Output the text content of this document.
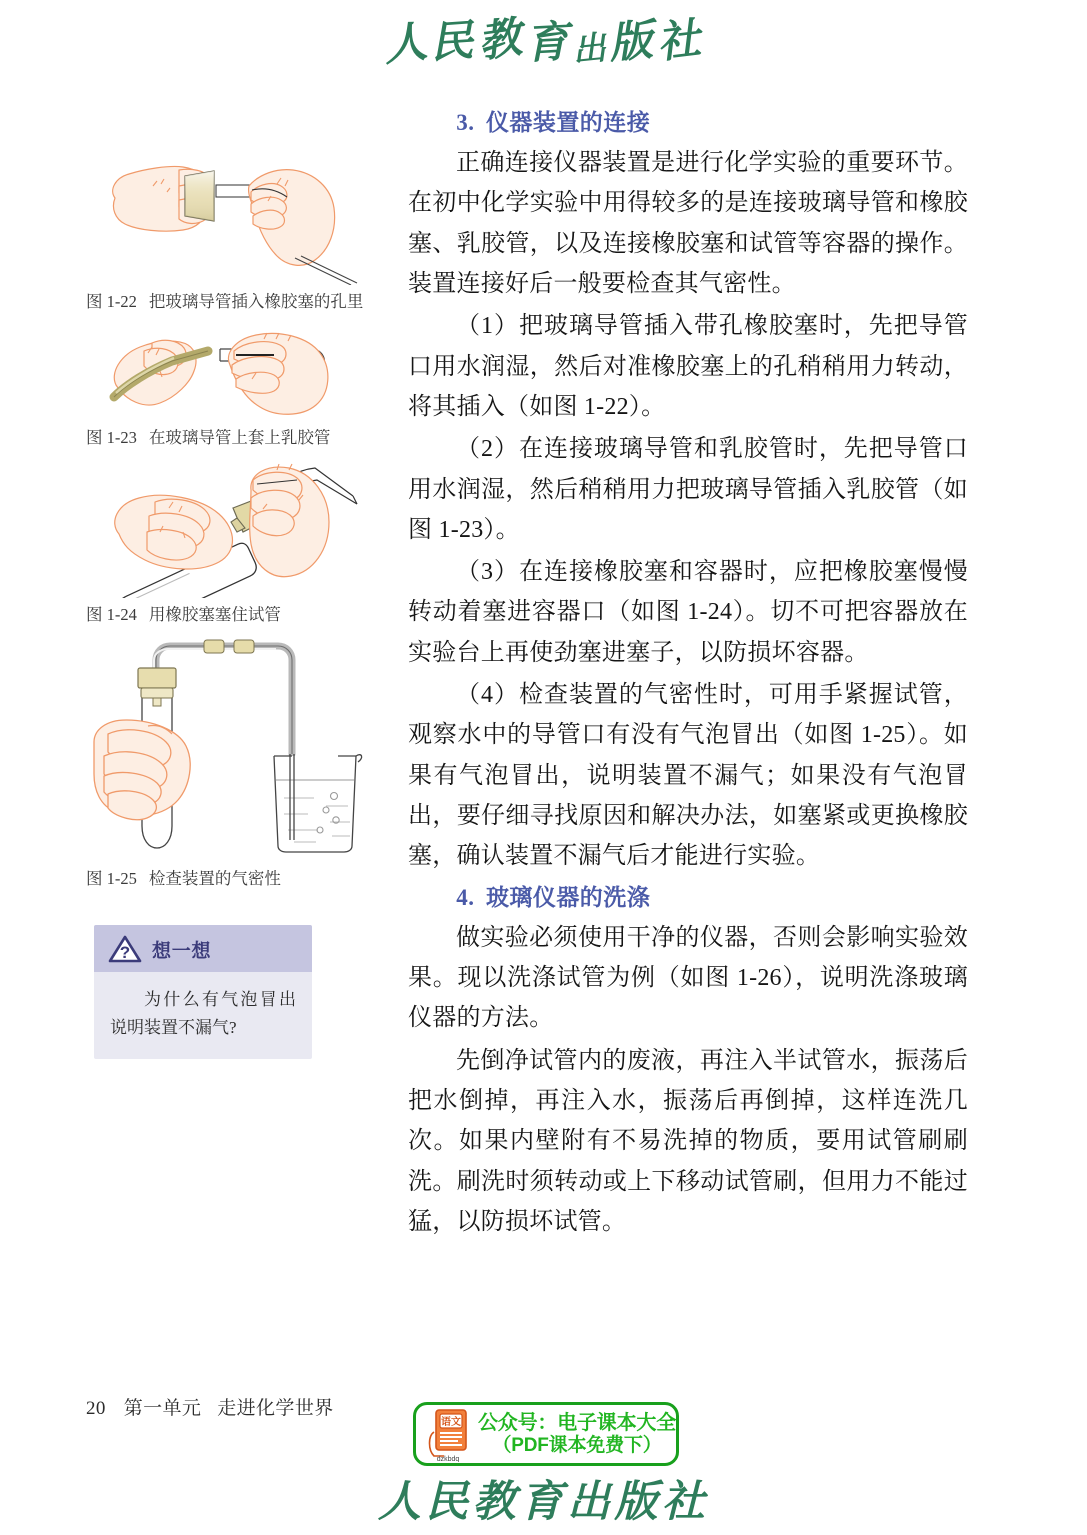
人民教育出版社
图 1-22 把玻璃导管插入橡胶塞的孔里
图 1-23 在玻璃导管上套上乳胶管
图 1-24 用橡胶塞塞住试管
图 1-25 检查装置的气密性
? 想一想
为什么有气泡冒出说明装置不漏气?
3. 仪器装置的连接

正确连接仪器装置是进行化学实验的重要环节。在初中化学实验中用得较多的是连接玻璃导管和橡胶塞、乳胶管，以及连接橡胶塞和试管等容器的操作。装置连接好后一般要检查其气密性。

（1）把玻璃导管插入带孔橡胶塞时，先把导管口用水润湿，然后对准橡胶塞上的孔稍稍用力转动，将其插入（如图 1-22）。

（2）在连接玻璃导管和乳胶管时，先把导管口用水润湿，然后稍稍用力把玻璃导管插入乳胶管（如图 1-23）。

（3）在连接橡胶塞和容器时，应把橡胶塞慢慢转动着塞进容器口（如图 1-24）。切不可把容器放在实验台上再使劲塞进塞子，以防损坏容器。

（4）检查装置的气密性时，可用手紧握试管，观察水中的导管口有没有气泡冒出（如图 1-25）。如果有气泡冒出，说明装置不漏气；如果没有气泡冒出，要仔细寻找原因和解决办法，如塞紧或更换橡胶塞，确认装置不漏气后才能进行实验。

4. 玻璃仪器的洗涤

做实验必须使用干净的仪器，否则会影响实验效果。现以洗涤试管为例（如图 1-26），说明洗涤玻璃仪器的方法。

先倒净试管内的废液，再注入半试管水，振荡后把水倒掉，再注入水，振荡后再倒掉，这样连洗几次。如果内壁附有不易洗掉的物质，要用试管刷刷洗。刷洗时须转动或上下移动试管刷，但用力不能过猛，以防损坏试管。

20 第一单元 走进化学世界
语文
dzkbdq
公众号：电子课本大全
（PDF课本免费下）
人民教育出版社
